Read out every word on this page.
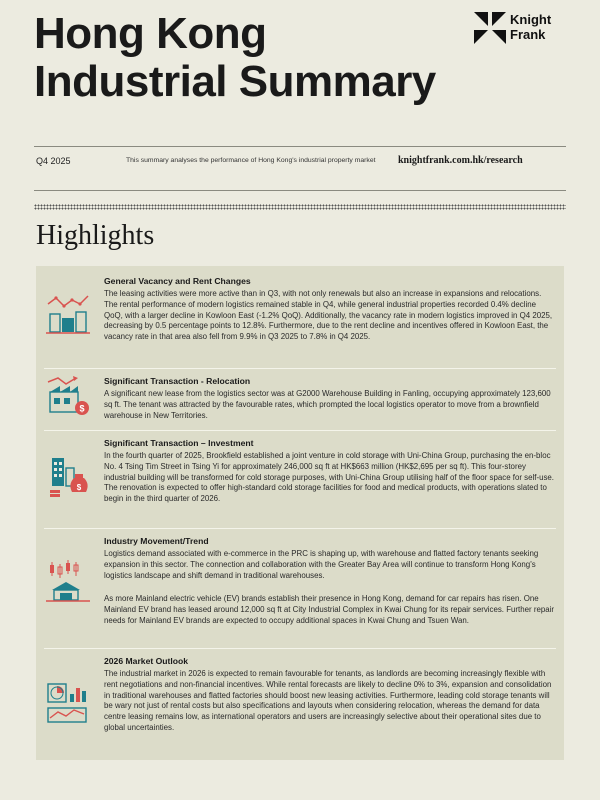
Hong Kong
Industrial Summary
Knight
Frank
Q4 2025	This summary analyses the performance of Hong Kong's industrial property market	knightfrank.com.hk/research
Highlights
General Vacancy and Rent Changes
The leasing activities were more active than in Q3, with not only renewals but also an increase in expansions and relocations. The rental performance of modern logistics remained stable in Q4, while general industrial properties recorded 0.4% decline QoQ, with a larger decline in Kowloon East (-1.2% QoQ). Additionally, the vacancy rate in modern logistics improved in Q4 2025, decreasing by 0.5 percentage points to 12.8%. Furthermore, due to the rent decline and incentives offered in Kowloon East, the vacancy rate in that area also fell from 9.9% in Q3 2025 to 7.8% in Q4 2025.
$
Significant Transaction - Relocation
A significant new lease from the logistics sector was at G2000 Warehouse Building in Fanling, occupying approximately 123,600 sq ft. The tenant was attracted by the favourable rates, which prompted the local logistics operator to move from a brownfield warehouse in New Territories.
$
Significant Transaction – Investment
In the fourth quarter of 2025, Brookfield established a joint venture in cold storage with Uni-China Group, purchasing the en-bloc No. 4 Tsing Tim Street in Tsing Yi for approximately 246,000 sq ft at HK$663 million (HK$2,695 per sq ft). This four-storey industrial building will be transformed for cold storage purposes, with Uni-China Group utilising half of the floor space for self-use. The renovation is expected to offer high-standard cold storage facilities for food and medical products, with operations slated to begin in the third quarter of 2026.
Industry Movement/Trend
Logistics demand associated with e-commerce in the PRC is shaping up, with warehouse and flatted factory tenants seeking expansion in this sector. The connection and collaboration with the Greater Bay Area will continue to transform Hong Kong's logistics landscape and shift demand in traditional warehouses.
As more Mainland electric vehicle (EV) brands establish their presence in Hong Kong, demand for car repairs has risen. One Mainland EV brand has leased around 12,000 sq ft at City Industrial Complex in Kwai Chung for its repair services. Further repair needs for Mainland EV brands are expected to occupy additional spaces in Kwai Chung and Tsuen Wan.
2026 Market Outlook
The industrial market in 2026 is expected to remain favourable for tenants, as landlords are becoming increasingly flexible with rent negotiations and non-financial incentives. While rental forecasts are likely to decline 0% to 3%, expansion and consolidation in traditional warehouses and flatted factories should boost new leasing activities. Furthermore, leading cold storage tenants will be wary not just of rental costs but also specifications and layouts when considering relocation, whereas the demand for data centre leasing remains low, as international operators and users are increasingly selective about their operational sites due to global uncertainties.
